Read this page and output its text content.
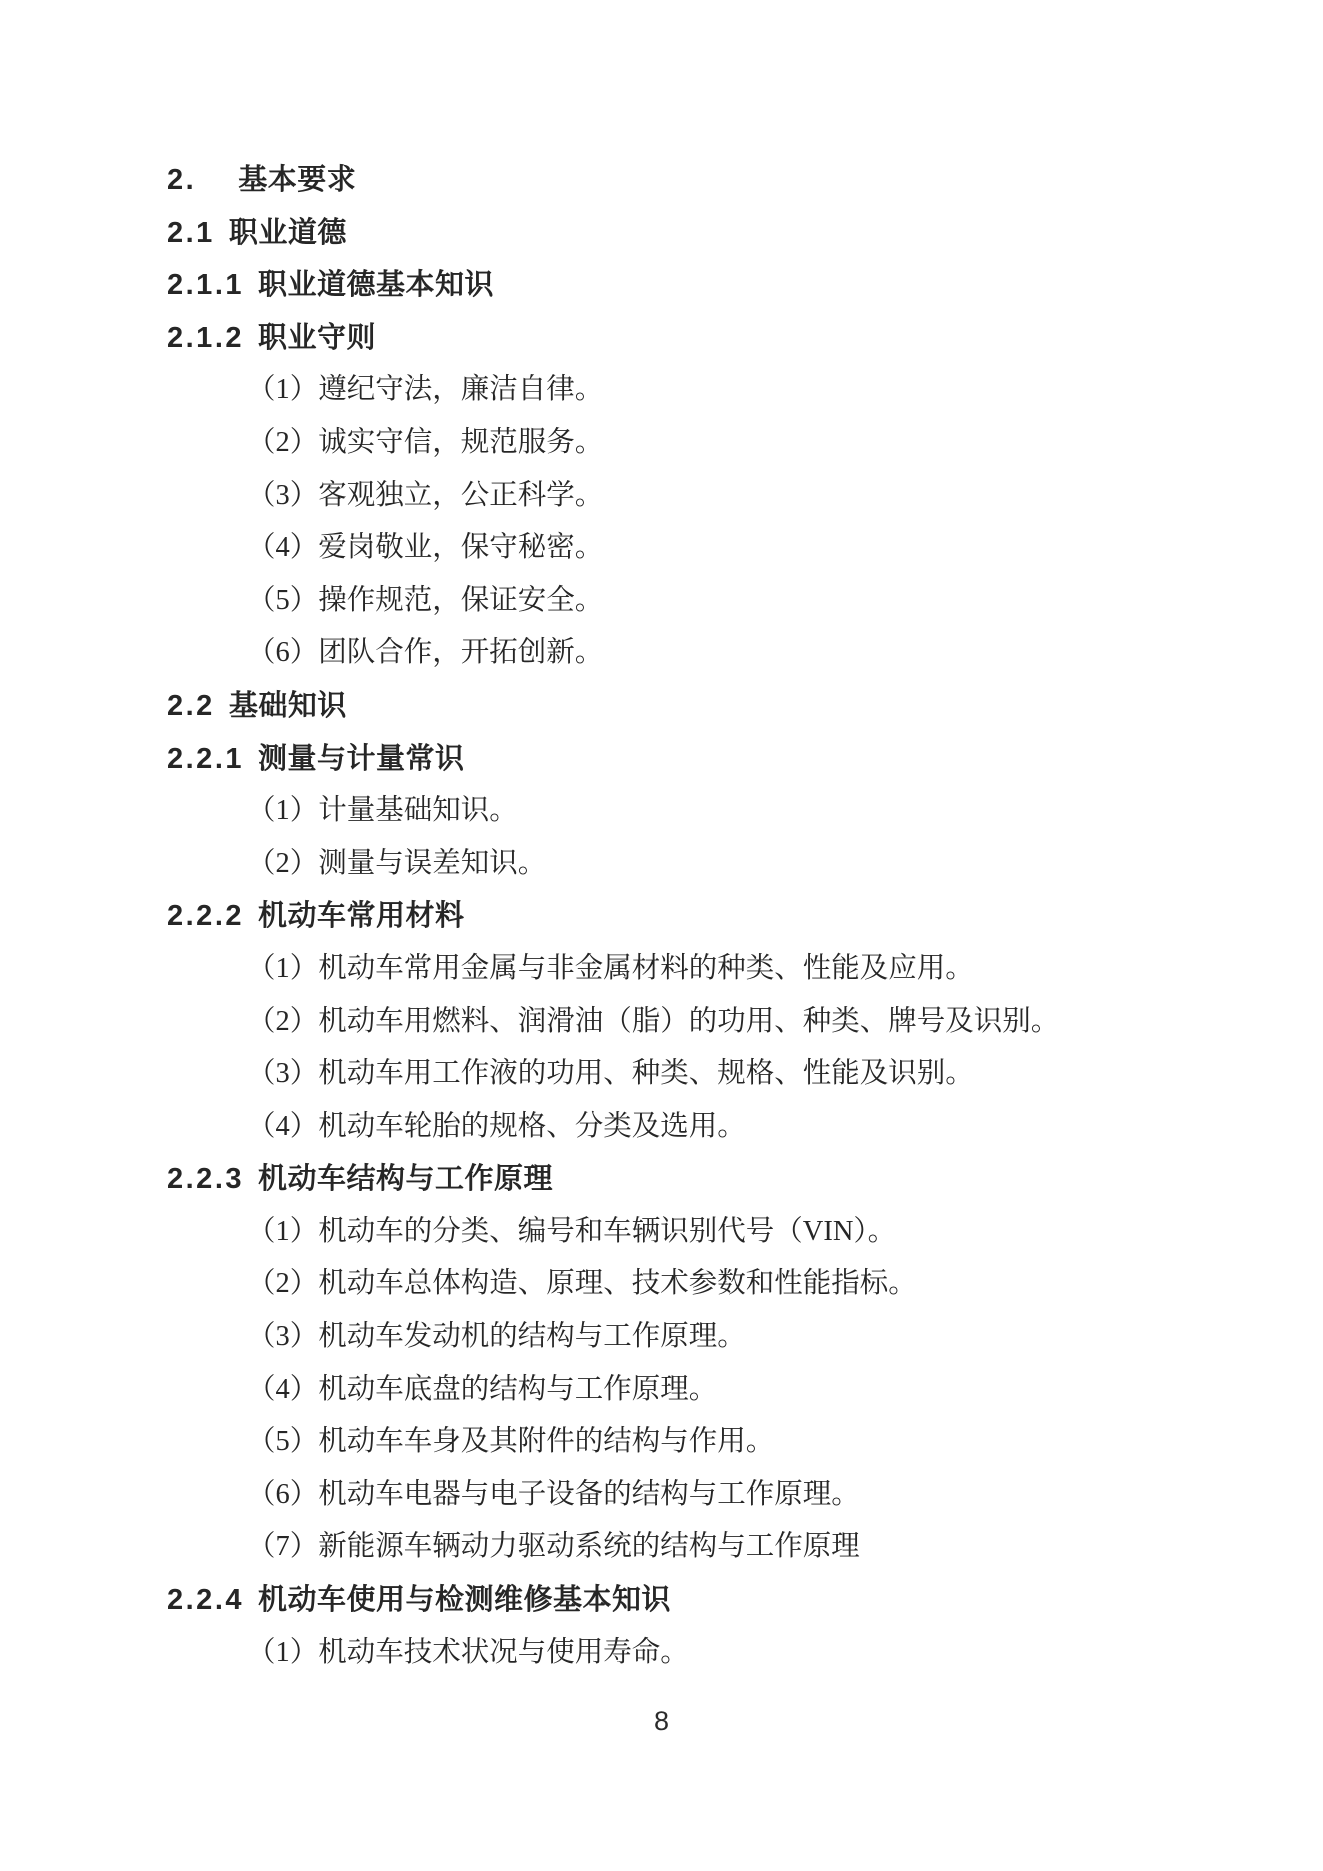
2. 基本要求
2.1 职业道德
2.1.1 职业道德基本知识
2.1.2 职业守则
（1）遵纪守法，廉洁自律。
（2）诚实守信，规范服务。
（3）客观独立，公正科学。
（4）爱岗敬业，保守秘密。
（5）操作规范，保证安全。
（6）团队合作，开拓创新。
2.2 基础知识
2.2.1 测量与计量常识
（1）计量基础知识。
（2）测量与误差知识。
2.2.2 机动车常用材料
（1）机动车常用金属与非金属材料的种类、性能及应用。
（2）机动车用燃料、润滑油（脂）的功用、种类、牌号及识别。
（3）机动车用工作液的功用、种类、规格、性能及识别。
（4）机动车轮胎的规格、分类及选用。
2.2.3 机动车结构与工作原理
（1）机动车的分类、编号和车辆识别代号（VIN）。
（2）机动车总体构造、原理、技术参数和性能指标。
（3）机动车发动机的结构与工作原理。
（4）机动车底盘的结构与工作原理。
（5）机动车车身及其附件的结构与作用。
（6）机动车电器与电子设备的结构与工作原理。
（7）新能源车辆动力驱动系统的结构与工作原理
2.2.4 机动车使用与检测维修基本知识
（1）机动车技术状况与使用寿命。
8
